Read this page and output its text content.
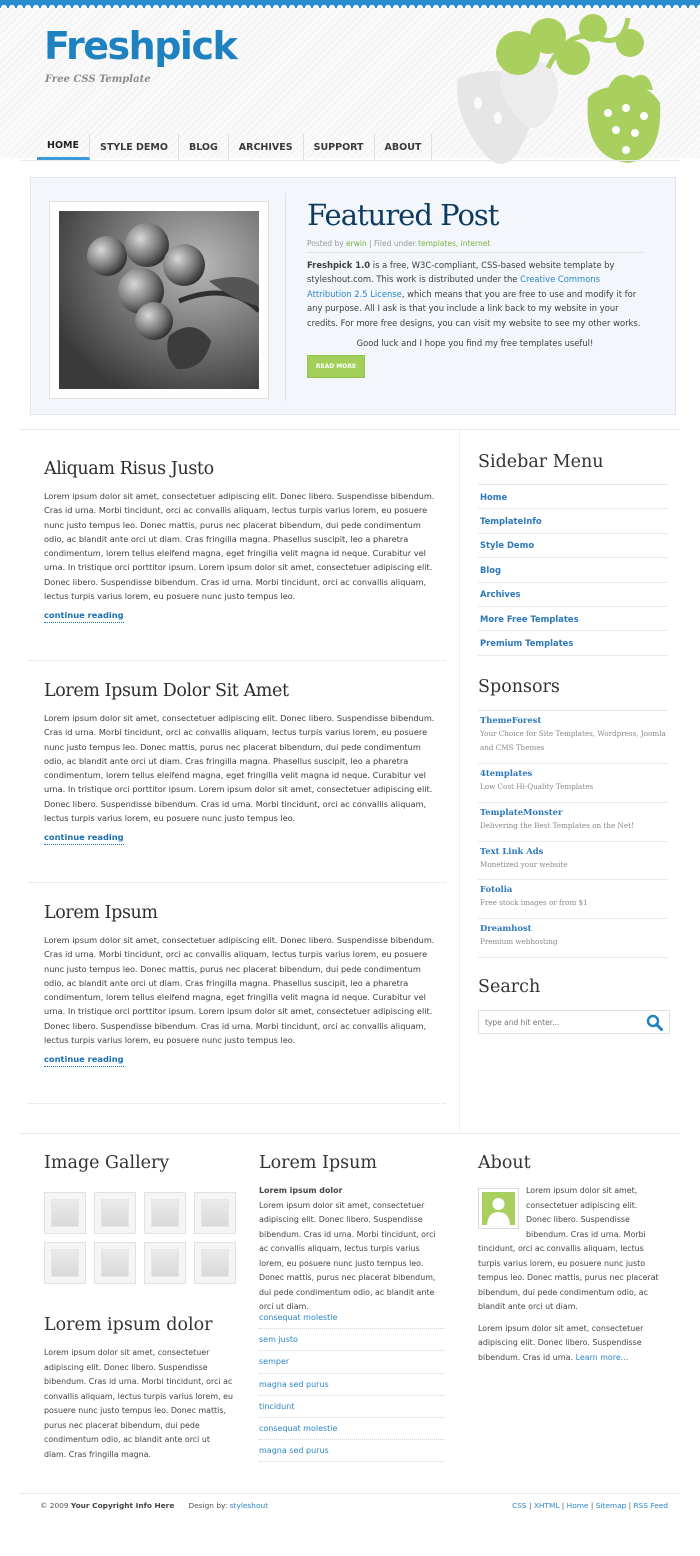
Freshpick
Free CSS Template
HOME	STYLE DEMO	BLOG	ARCHIVES	SUPPORT	ABOUT
Featured Post
Posted by erwin | Filed under templates, internet
Freshpick 1.0 is a free, W3C-compliant, CSS-based website template by styleshout.com. This work is distributed under the Creative Commons Attribution 2.5 License, which means that you are free to use and modify it for any purpose. All I ask is that you include a link back to my website in your credits. For more free designs, you can visit my website to see my other works.
Good luck and I hope you find my free templates useful!
READ MORE
Aliquam Risus Justo

Lorem ipsum dolor sit amet, consectetuer adipiscing elit. Donec libero. Suspendisse bibendum. Cras id urna. Morbi tincidunt, orci ac convallis aliquam, lectus turpis varius lorem, eu posuere nunc justo tempus leo. Donec mattis, purus nec placerat bibendum, dui pede condimentum odio, ac blandit ante orci ut diam. Cras fringilla magna. Phasellus suscipit, leo a pharetra condimentum, lorem tellus eleifend magna, eget fringilla velit magna id neque. Curabitur vel urna. In tristique orci porttitor ipsum. Lorem ipsum dolor sit amet, consectetuer adipiscing elit. Donec libero. Suspendisse bibendum. Cras id urna. Morbi tincidunt, orci ac convallis aliquam, lectus turpis varius lorem, eu posuere nunc justo tempus leo.

continue reading
Lorem Ipsum Dolor Sit Amet

Lorem ipsum dolor sit amet, consectetuer adipiscing elit. Donec libero. Suspendisse bibendum. Cras id urna. Morbi tincidunt, orci ac convallis aliquam, lectus turpis varius lorem, eu posuere nunc justo tempus leo. Donec mattis, purus nec placerat bibendum, dui pede condimentum odio, ac blandit ante orci ut diam. Cras fringilla magna. Phasellus suscipit, leo a pharetra condimentum, lorem tellus eleifend magna, eget fringilla velit magna id neque. Curabitur vel urna. In tristique orci porttitor ipsum. Lorem ipsum dolor sit amet, consectetuer adipiscing elit. Donec libero. Suspendisse bibendum. Cras id urna. Morbi tincidunt, orci ac convallis aliquam, lectus turpis varius lorem, eu posuere nunc justo tempus leo.

continue reading
Lorem Ipsum

Lorem ipsum dolor sit amet, consectetuer adipiscing elit. Donec libero. Suspendisse bibendum. Cras id urna. Morbi tincidunt, orci ac convallis aliquam, lectus turpis varius lorem, eu posuere nunc justo tempus leo. Donec mattis, purus nec placerat bibendum, dui pede condimentum odio, ac blandit ante orci ut diam. Cras fringilla magna. Phasellus suscipit, leo a pharetra condimentum, lorem tellus eleifend magna, eget fringilla velit magna id neque. Curabitur vel urna. In tristique orci porttitor ipsum. Lorem ipsum dolor sit amet, consectetuer adipiscing elit. Donec libero. Suspendisse bibendum. Cras id urna. Morbi tincidunt, orci ac convallis aliquam, lectus turpis varius lorem, eu posuere nunc justo tempus leo.

continue reading
Sidebar Menu
Home
TemplateInfo
Style Demo
Blog
Archives
More Free Templates
Premium Templates
Sponsors
ThemeForest
Your Choice for Site Templates, Wordpress, Joomla and CMS Themes
4templates
Low Cost Hi-Quality Templates
TemplateMonster
Delivering the Best Templates on the Net!
Text Link Ads
Monetized your website
Fotolia
Free stock images or from $1
Dreamhost
Premium webhosting
Search
type and hit enter...
Image Gallery
Lorem ipsum dolor
Lorem ipsum dolor sit amet, consectetuer adipiscing elit. Donec libero. Suspendisse bibendum. Cras id urna. Morbi tincidunt, orci ac convallis aliquam, lectus turpis varius lorem, eu posuere nunc justo tempus leo. Donec mattis, purus nec placerat bibendum, dui pede condimentum odio, ac blandit ante orci ut diam. Cras fringilla magna.
Lorem Ipsum
Lorem ipsum dolor
Lorem ipsum dolor sit amet, consectetuer adipiscing elit. Donec libero. Suspendisse bibendum. Cras id urna. Morbi tincidunt, orci ac convallis aliquam, lectus turpis varius lorem, eu posuere nunc justo tempus leo. Donec mattis, purus nec placerat bibendum, dui pede condimentum odio, ac blandit ante orci ut diam.
consequat molestie
sem justo
semper
magna sed purus
tincidunt
consequat molestie
magna sed purus
About
Lorem ipsum dolor sit amet, consectetuer adipiscing elit. Donec libero. Suspendisse bibendum. Cras id urna. Morbi tincidunt, orci ac convallis aliquam, lectus turpis varius lorem, eu posuere nunc justo tempus leo. Donec mattis, purus nec placerat bibendum, dui pede condimentum odio, ac blandit ante orci ut diam.
Lorem ipsum dolor sit amet, consectetuer adipiscing elit. Donec libero. Suspendisse bibendum. Cras id urna. Learn more...
© 2009 Your Copyright Info Here Design by: styleshout	CSS | XHTML | Home | Sitemap | RSS Feed
